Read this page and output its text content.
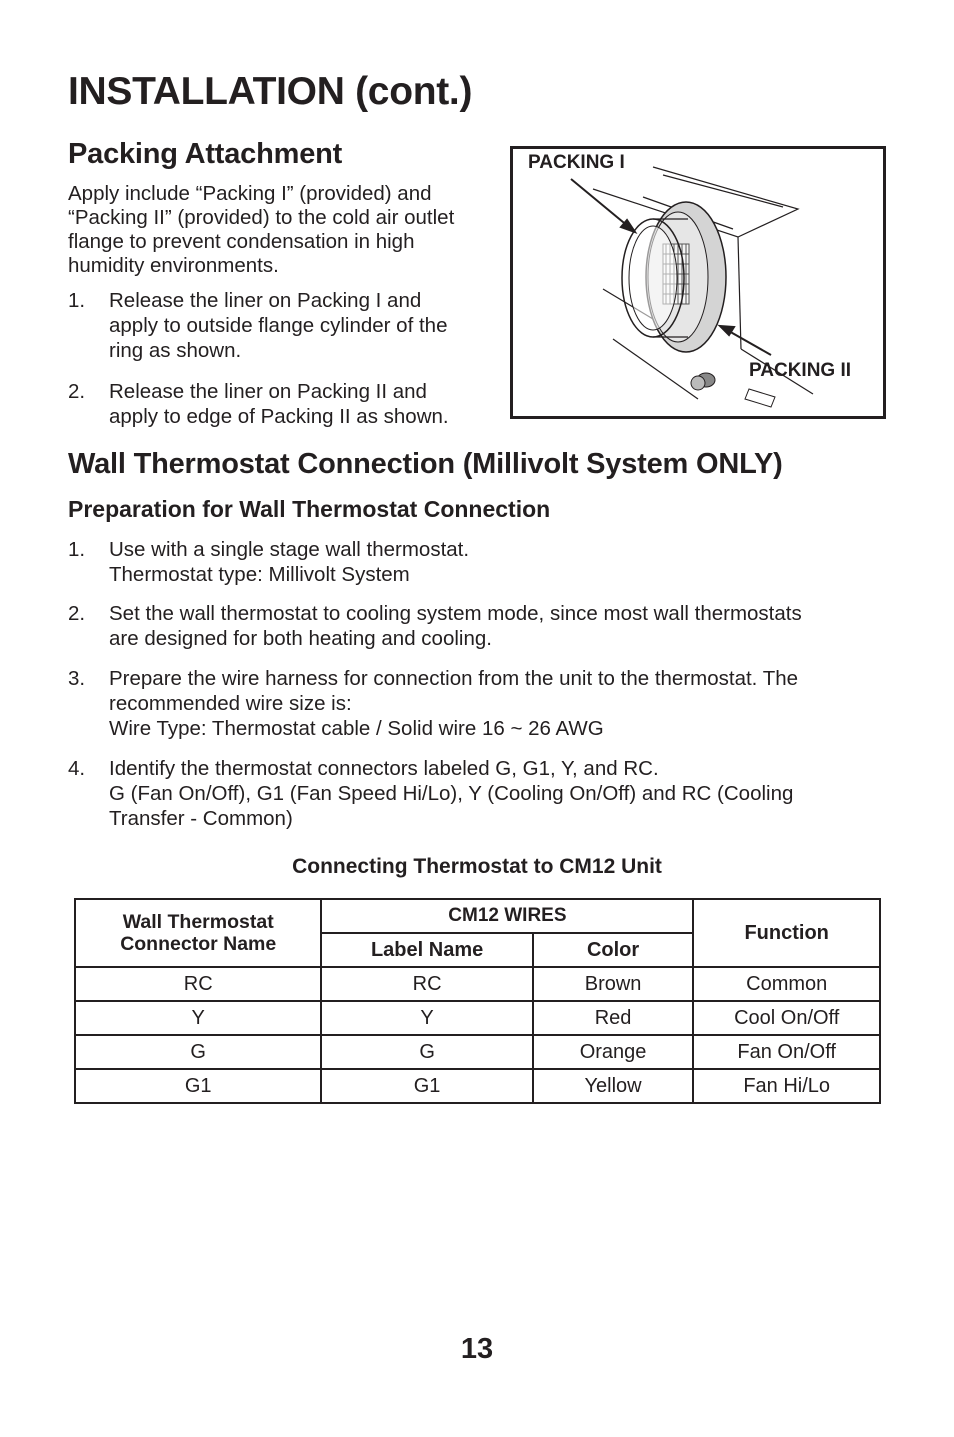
INSTALLATION (cont.)
Packing Attachment
Apply include “Packing I” (provided) and
“Packing II” (provided) to the cold air outlet
flange to prevent condensation in high
humidity environments.
1. Release the liner on Packing I and
apply to outside flange cylinder of the
ring as shown.
2. Release the liner on Packing II and
apply to edge of Packing II as shown.
PACKING I
PACKING II
Wall Thermostat Connection (Millivolt System ONLY)
Preparation for Wall Thermostat Connection
1. Use with a single stage wall thermostat.
Thermostat type: Millivolt System
2. Set the wall thermostat to cooling system mode, since most wall thermostats
are designed for both heating and cooling.
3. Prepare the wire harness for connection from the unit to the thermostat. The
recommended wire size is:
Wire Type: Thermostat cable / Solid wire 16 ~ 26 AWG
4. Identify the thermostat connectors labeled G, G1, Y, and RC.
G (Fan On/Off), G1 (Fan Speed Hi/Lo), Y (Cooling On/Off) and RC (Cooling
Transfer - Common)
Connecting Thermostat to CM12 Unit
Wall Thermostat
Connector Name	CM12 WIRES		Function
	Label Name	Color	
RC	RC	Brown	Common
Y	Y	Red	Cool On/Off
G	G	Orange	Fan On/Off
G1	G1	Yellow	Fan Hi/Lo
13
